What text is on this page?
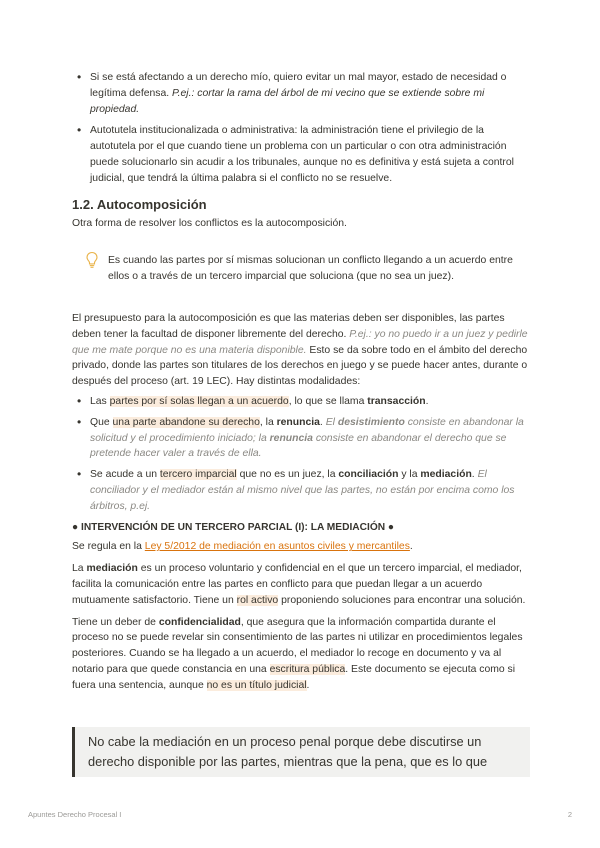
• Si se está afectando a un derecho mío, quiero evitar un mal mayor, estado de necesidad o legítima defensa. P.ej.: cortar la rama del árbol de mi vecino que se extiende sobre mi propiedad.
• Autotutela institucionalizada o administrativa: la administración tiene el privilegio de la autotutela por el que cuando tiene un problema con un particular o con otra administración puede solucionarlo sin acudir a los tribunales, aunque no es definitiva y está sujeta a control judicial, que tendrá la última palabra si el conflicto no se resuelve.
1.2. Autocomposición

Otra forma de resolver los conflictos es la autocomposición.

Es cuando las partes por sí mismas solucionan un conflicto llegando a un acuerdo entre ellos o a través de un tercero imparcial que soluciona (que no sea un juez).

El presupuesto para la autocomposición es que las materias deben ser disponibles, las partes deben tener la facultad de disponer libremente del derecho. P.ej.: yo no puedo ir a un juez y pedirle que me mate porque no es una materia disponible. Esto se da sobre todo en el ámbito del derecho privado, donde las partes son titulares de los derechos en juego y se puede hacer antes, durante o después del proceso (art. 19 LEC). Hay distintas modalidades:

• Las partes por sí solas llegan a un acuerdo, lo que se llama transacción.
• Que una parte abandone su derecho, la renuncia. El desistimiento consiste en abandonar la solicitud y el procedimiento iniciado; la renuncia consiste en abandonar el derecho que se pretende hacer valer a través de ella.
• Se acude a un tercero imparcial que no es un juez, la conciliación y la mediación. El conciliador y el mediador están al mismo nivel que las partes, no están por encima como los árbitros, p.ej.

● INTERVENCIÓN DE UN TERCERO PARCIAL (I): LA MEDIACIÓN ●

Se regula en la Ley 5/2012 de mediación en asuntos civiles y mercantiles.

La mediación es un proceso voluntario y confidencial en el que un tercero imparcial, el mediador, facilita la comunicación entre las partes en conflicto para que puedan llegar a un acuerdo mutuamente satisfactorio. Tiene un rol activo proponiendo soluciones para encontrar una solución.

Tiene un deber de confidencialidad, que asegura que la información compartida durante el proceso no se puede revelar sin consentimiento de las partes ni utilizar en procedimientos legales posteriores. Cuando se ha llegado a un acuerdo, el mediador lo recoge en documento y va al notario para que quede constancia en una escritura pública. Este documento se ejecuta como si fuera una sentencia, aunque no es un título judicial.

No cabe la mediación en un proceso penal porque debe discutirse un derecho disponible por las partes, mientras que la pena, que es lo que
Apuntes Derecho Procesal I	2
